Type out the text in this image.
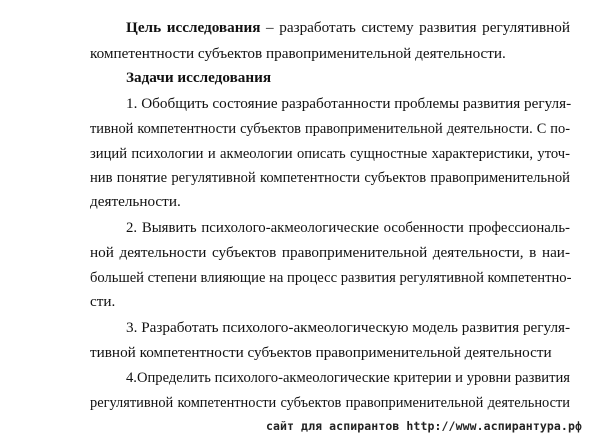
Цель исследования – разработать систему развития регулятивной
компетентности субъектов правоприменительной деятельности.
Задачи исследования
1. Обобщить состояние разработанности проблемы развития регуля-
тивной компетентности субъектов правоприменительной деятельности. С по-
зиций психологии и акмеологии описать сущностные характеристики, уточ-
нив понятие регулятивной компетентности субъектов правоприменительной
деятельности.
2. Выявить психолого-акмеологические особенности профессиональ-
ной деятельности субъектов правоприменительной деятельности, в наи-
большей степени влияющие на процесс развития регулятивной компетентно-
сти.
3. Разработать психолого-акмеологическую модель развития регуля-
тивной компетентности субъектов правоприменительной деятельности
4.Определить психолого-акмеологические критерии и уровни развития
регулятивной компетентности субъектов правоприменительной деятельности
сайт для аспирантов http://www.аспирантура.рф
